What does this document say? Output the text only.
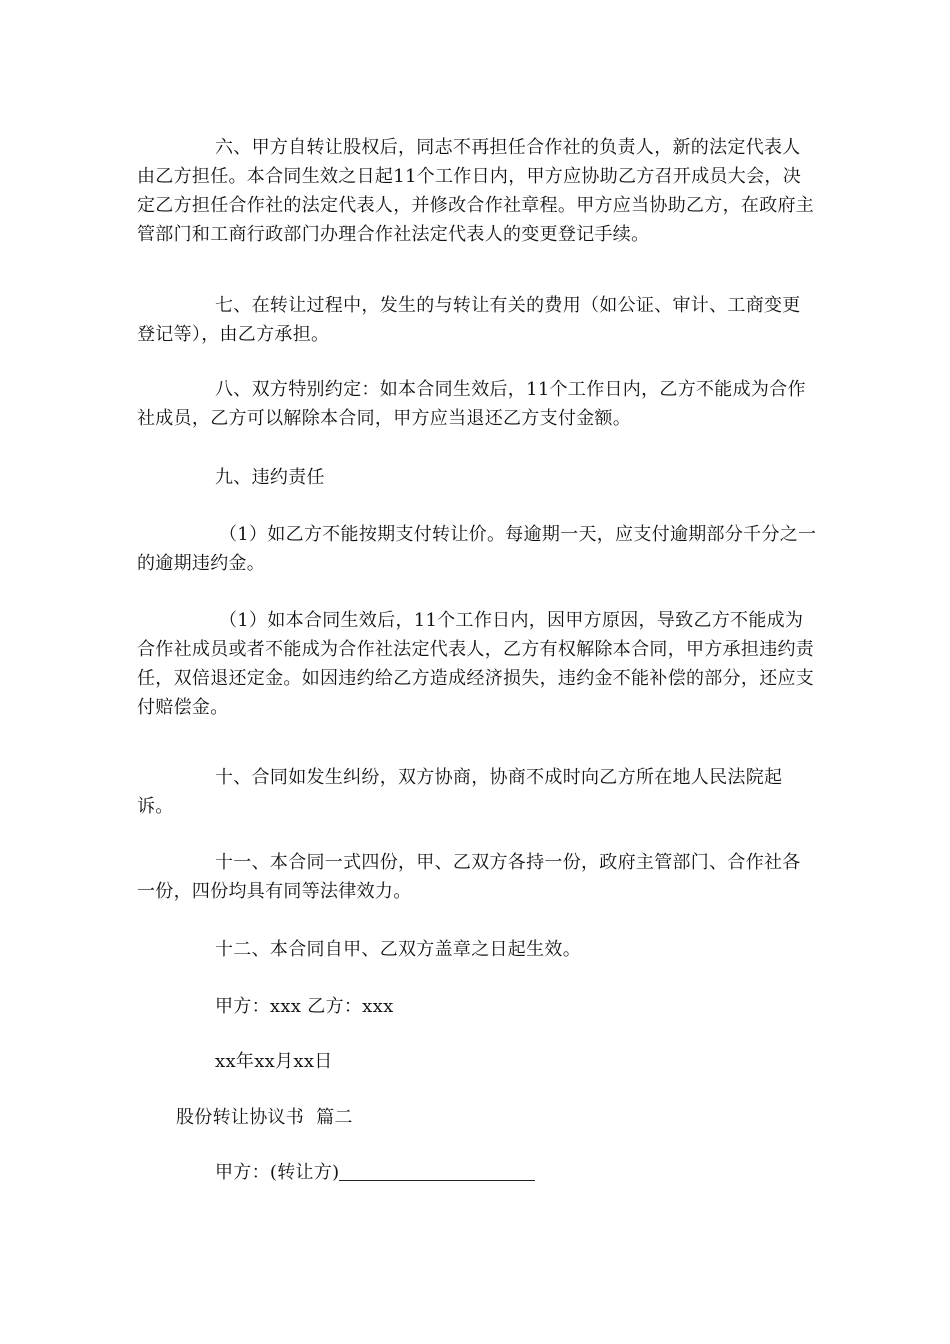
六、甲方自转让股权后，同志不再担任合作社的负责人，新的法定代表人由乙方担任。本合同生效之日起11个工作日内，甲方应协助乙方召开成员大会，决定乙方担任合作社的法定代表人，并修改合作社章程。甲方应当协助乙方，在政府主管部门和工商行政部门办理合作社法定代表人的变更登记手续。

七、在转让过程中，发生的与转让有关的费用（如公证、审计、工商变更登记等），由乙方承担。

八、双方特别约定：如本合同生效后，11个工作日内，乙方不能成为合作社成员，乙方可以解除本合同，甲方应当退还乙方支付金额。

九、违约责任

（1）如乙方不能按期支付转让价。每逾期一天，应支付逾期部分千分之一的逾期违约金。

（1）如本合同生效后，11个工作日内，因甲方原因，导致乙方不能成为合作社成员或者不能成为合作社法定代表人，乙方有权解除本合同，甲方承担违约责任，双倍退还定金。如因违约给乙方造成经济损失，违约金不能补偿的部分，还应支付赔偿金。

十、合同如发生纠纷，双方协商，协商不成时向乙方所在地人民法院起诉。

十一、本合同一式四份，甲、乙双方各持一份，政府主管部门、合作社各一份，四份均具有同等法律效力。

十二、本合同自甲、乙双方盖章之日起生效。

甲方：xxx 乙方：xxx

xx年xx月xx日

股份转让协议书  篇二

甲方：(转让方)
